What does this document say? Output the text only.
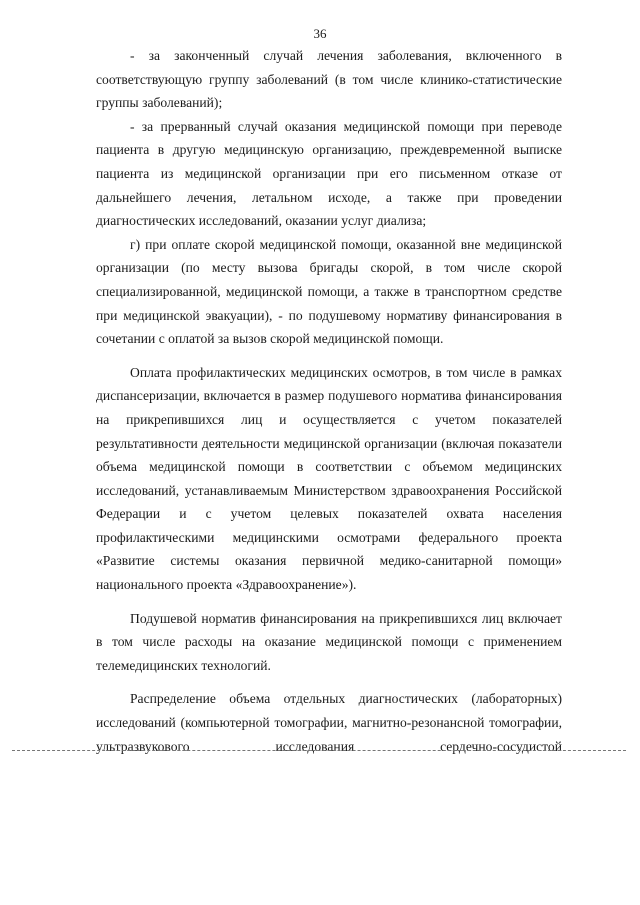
36

- за законченный случай лечения заболевания, включенного в соответствующую группу заболеваний (в том числе клинико-статистические группы заболеваний);

- за прерванный случай оказания медицинской помощи при переводе пациента в другую медицинскую организацию, преждевременной выписке пациента из медицинской организации при его письменном отказе от дальнейшего лечения, летальном исходе, а также при проведении диагностических исследований, оказании услуг диализа;

г) при оплате скорой медицинской помощи, оказанной вне медицинской организации (по месту вызова бригады скорой, в том числе скорой специализированной, медицинской помощи, а также в транспортном средстве при медицинской эвакуации), - по подушевому нормативу финансирования в сочетании с оплатой за вызов скорой медицинской помощи.

Оплата профилактических медицинских осмотров, в том числе в рамках диспансеризации, включается в размер подушевого норматива финансирования на прикрепившихся лиц и осуществляется с учетом показателей результативности деятельности медицинской организации (включая показатели объема медицинской помощи в соответствии с объемом медицинских исследований, устанавливаемым Министерством здравоохранения Российской Федерации и с учетом целевых показателей охвата населения профилактическими медицинскими осмотрами федерального проекта «Развитие системы оказания первичной медико-санитарной помощи» национального проекта «Здравоохранение»).

Подушевой норматив финансирования на прикрепившихся лиц включает в том числе расходы на оказание медицинской помощи с применением телемедицинских технологий.

Распределение объема отдельных диагностических (лабораторных) исследований (компьютерной томографии, магнитно-резонансной томографии, ультразвукового исследования сердечно-сосудистой
